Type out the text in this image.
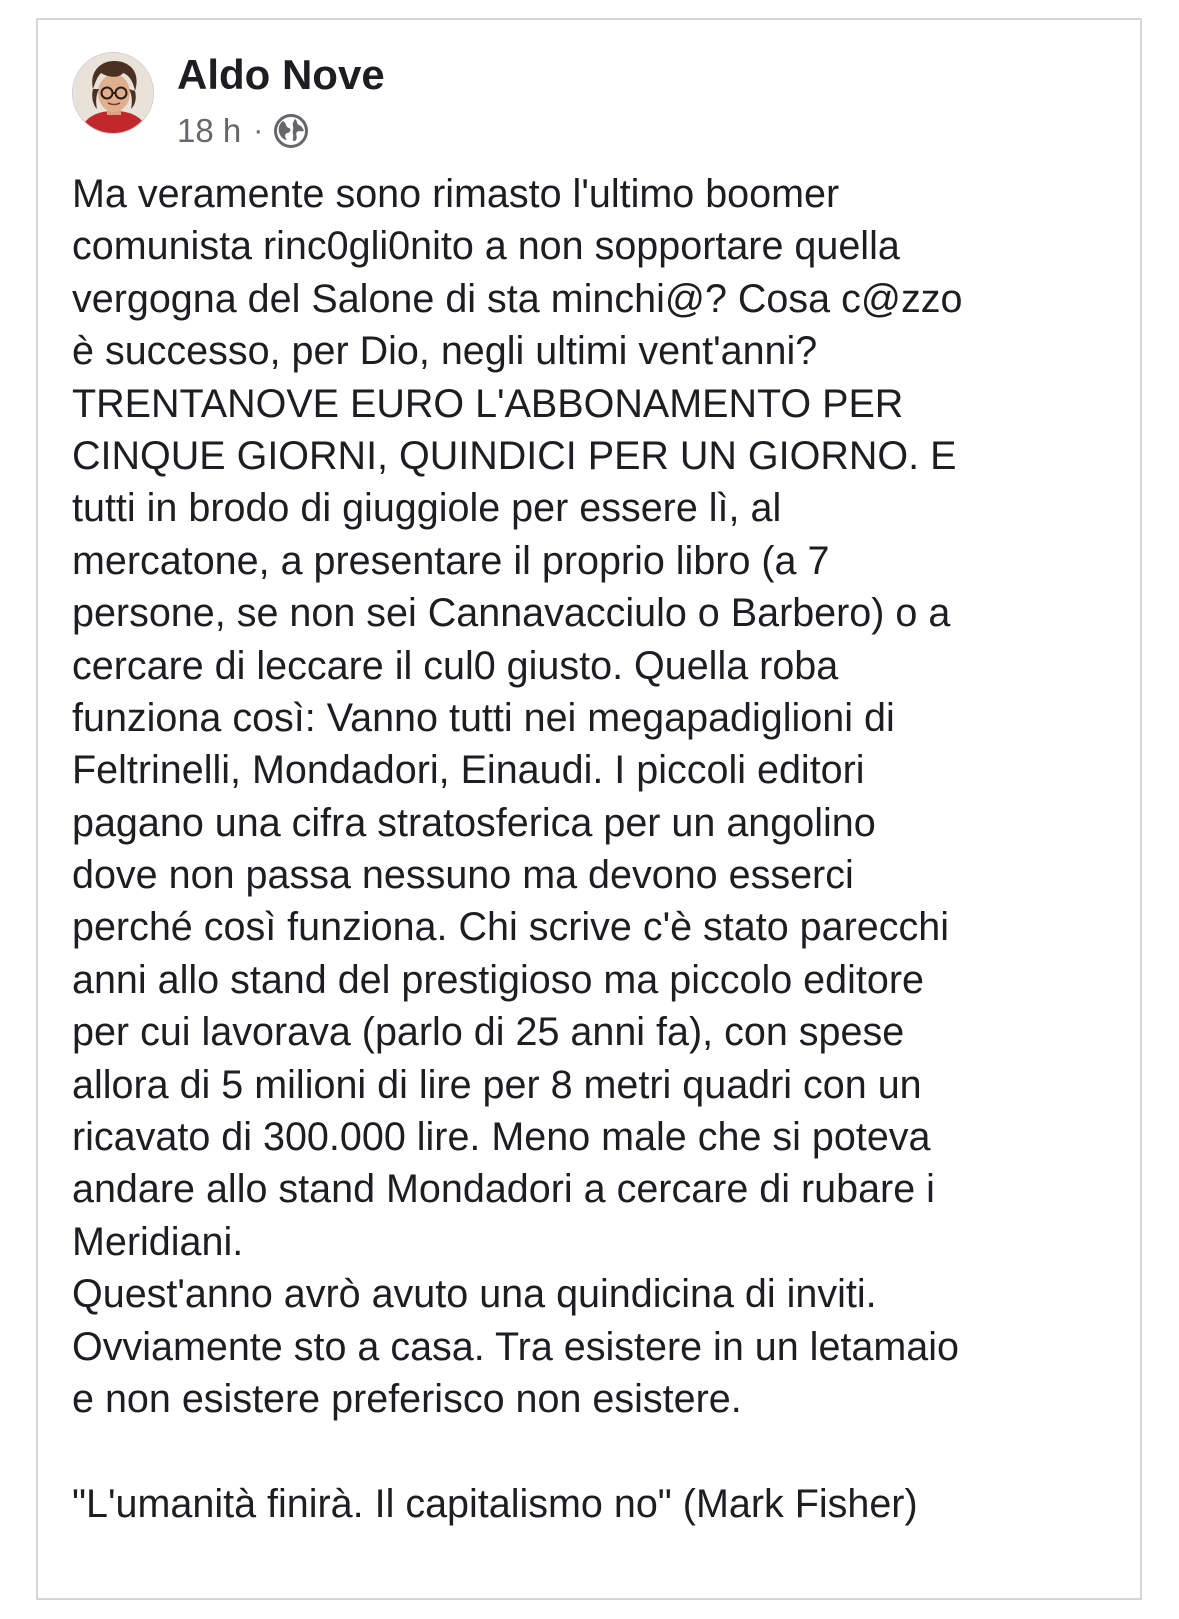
Aldo Nove
18 h ·
Ma veramente sono rimasto l'ultimo boomer
comunista rinc0gli0nito a non sopportare quella
vergogna del Salone di sta minchi@? Cosa c@zzo
è successo, per Dio, negli ultimi vent'anni?
TRENTANOVE EURO L'ABBONAMENTO PER
CINQUE GIORNI, QUINDICI PER UN GIORNO. E
tutti in brodo di giuggiole per essere lì, al
mercatone, a presentare il proprio libro (a 7
persone, se non sei Cannavacciulo o Barbero) o a
cercare di leccare il cul0 giusto. Quella roba
funziona così: Vanno tutti nei megapadiglioni di
Feltrinelli, Mondadori, Einaudi. I piccoli editori
pagano una cifra stratosferica per un angolino
dove non passa nessuno ma devono esserci
perché così funziona. Chi scrive c'è stato parecchi
anni allo stand del prestigioso ma piccolo editore
per cui lavorava (parlo di 25 anni fa), con spese
allora di 5 milioni di lire per 8 metri quadri con un
ricavato di 300.000 lire. Meno male che si poteva
andare allo stand Mondadori a cercare di rubare i
Meridiani.
Quest'anno avrò avuto una quindicina di inviti.
Ovviamente sto a casa. Tra esistere in un letamaio
e non esistere preferisco non esistere.
"L'umanità finirà. Il capitalismo no" (Mark Fisher)
